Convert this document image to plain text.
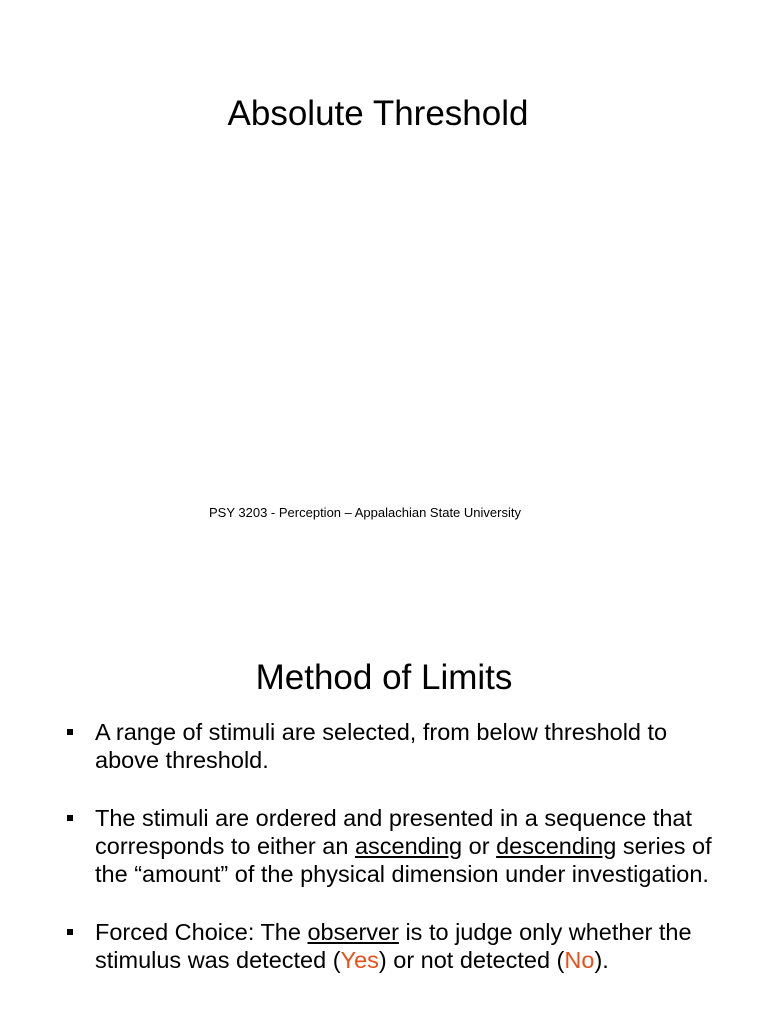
Absolute Threshold
PSY 3203 - Perception – Appalachian State University
Method of Limits
A range of stimuli are selected, from below threshold to above threshold.
The stimuli are ordered and presented in a sequence that corresponds to either an ascending or descending series of the “amount” of the physical dimension under investigation.
Forced Choice: The observer is to judge only whether the stimulus was detected (Yes) or not detected (No).
